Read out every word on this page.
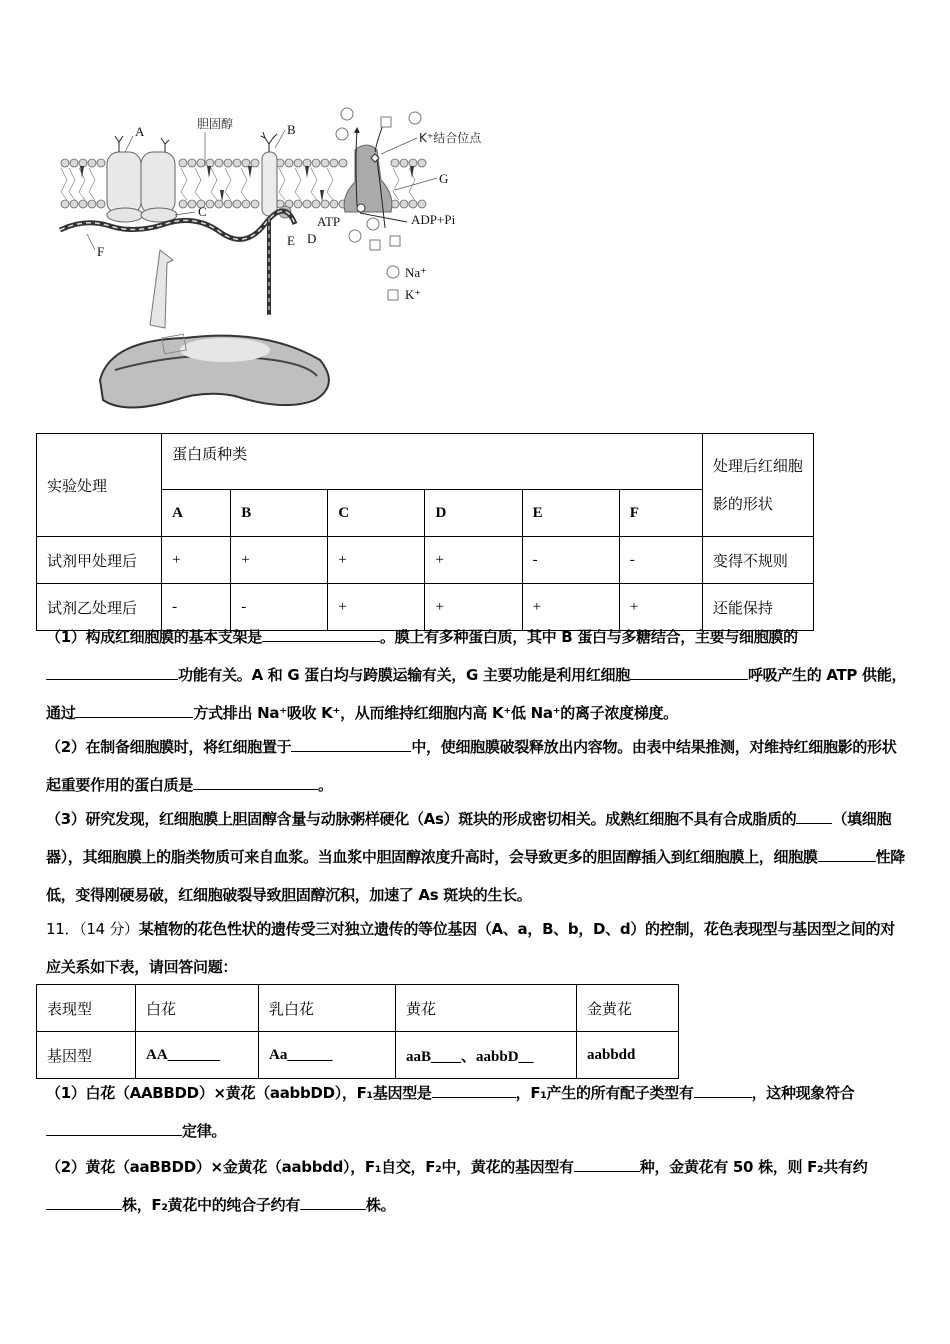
Na⁺
K⁺
A	胆固醇	B
C
D
E
F
G
K⁺结合位点
ATP	ADP+Pi
实验处理	蛋白质种类						处理后红细胞影的形状
	A	B	C	D	E	F	
试剂甲处理后	+	+	+	+	-	-	变得不规则
试剂乙处理后	-	-	+	+	+	+	还能保持
（1）构成红细胞膜的基本支架是	。膜上有多种蛋白质，其中 B 蛋白与多糖结合，主要与细胞膜的功能有关。A 和 G 蛋白均与跨膜运输有关，G 主要功能是利用红细胞	呼吸产生的 ATP 供能，通过	方式排出 Na⁺吸收 K⁺，从而维持红细胞内高 K⁺低 Na⁺的离子浓度梯度。
（2）在制备细胞膜时，将红细胞置于	中，使细胞膜破裂释放出内容物。由表中结果推测，对维持红细胞影的形状起重要作用的蛋白质是	。
（3）研究发现，红细胞膜上胆固醇含量与动脉粥样硬化（As）斑块的形成密切相关。成熟红细胞不具有合成脂质的 （填细胞器），其细胞膜上的脂类物质可来自血浆。当血浆中胆固醇浓度升高时，会导致更多的胆固醇插入到红细胞膜上，细胞膜	性降低，变得刚硬易破，红细胞破裂导致胆固醇沉积，加速了 As 斑块的生长。
11．（14 分）某植物的花色性状的遗传受三对独立遗传的等位基因（A、a，B、b，D、d）的控制，花色表现型与基因型之间的对应关系如下表，请回答问题：
表现型	白花	乳白花	黄花	金黄花
基因型	AA_______	Aa______	aaB____、aabbD__	aabbdd
（1）白花（AABBDD）×黄花（aabbDD），F₁基因型是	，F₁产生的所有配子类型有	，这种现象符合定律。
（2）黄花（aaBBDD）×金黄花（aabbdd），F₁自交，F₂中，黄花的基因型有	种，金黄花有 50 株，则 F₂共有约株，F₂黄花中的纯合子约有	株。
